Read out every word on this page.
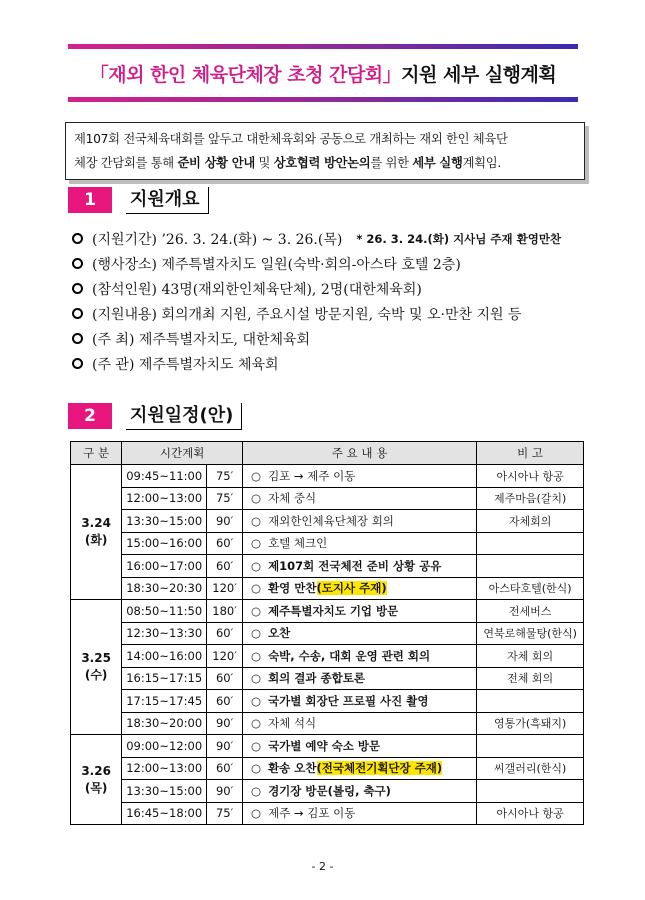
「재외 한인 체육단체장 초청 간담회」 지원 세부 실행계획
제107회 전국체육대회를 앞두고 대한체육회와 공동으로 개최하는 재외 한인 체육단
체장 간담회를 통해 준비 상황 안내 및 상호협력 방안논의를 위한 세부 실행계획임.
1	지원개요
(지원기간) ’26. 3. 24.(화) ~ 3. 26.(목) * 26. 3. 24.(화) 지사님 주재 환영만찬
(행사장소) 제주특별자치도 일원(숙박·회의-아스타 호텔 2층)
(참석인원) 43명(재외한인체육단체), 2명(대한체육회)
(지원내용) 회의개최 지원, 주요시설 방문지원, 숙박 및 오·만찬 지원 등
(주 최) 제주특별자치도, 대한체육회
(주 관) 제주특별자치도 체육회
2	지원일정(안)
구 분	시간계획		주 요 내 용	비 고

3.24
(화)	09:45~11:00	75′	○ 김포 → 제주 이동	아시아나 항공
	12:00~13:00	75′	○ 자체 중식	제주마음(갈치)
	13:30~15:00	90′	○ 재외한인체육단체장 회의	자체회의
	15:00~16:00	60′	○ 호텔 체크인	
	16:00~17:00	60′	○ 제107회 전국체전 준비 상황 공유	
	18:30~20:30	120′	○ 환영 만찬(도지사 주재)	아스타호텔(한식)

3.25
(수)	08:50~11:50	180′	○ 제주특별자치도 기업 방문	전세버스
	12:30~13:30	60′	○ 오찬	연북로해물탕(한식)
	14:00~16:00	120′	○ 숙박, 수송, 대회 운영 관련 회의	자체 회의
	16:15~17:15	60′	○ 회의 결과 종합토론	전체 회의
	17:15~17:45	60′	○ 국가별 회장단 프로필 사진 촬영	
	18:30~20:00	90′	○ 자체 석식	영통가(흑돼지)

3.26
(목)	09:00~12:00	90′	○ 국가별 예약 숙소 방문	
	12:00~13:00	60′	○ 환송 오찬(전국체전기획단장 주재)	씨갤러리(한식)
	13:30~15:00	90′	○ 경기장 방문(볼링, 축구)	
	16:45~18:00	75′	○ 제주 → 김포 이동	아시아나 항공
- 2 -
